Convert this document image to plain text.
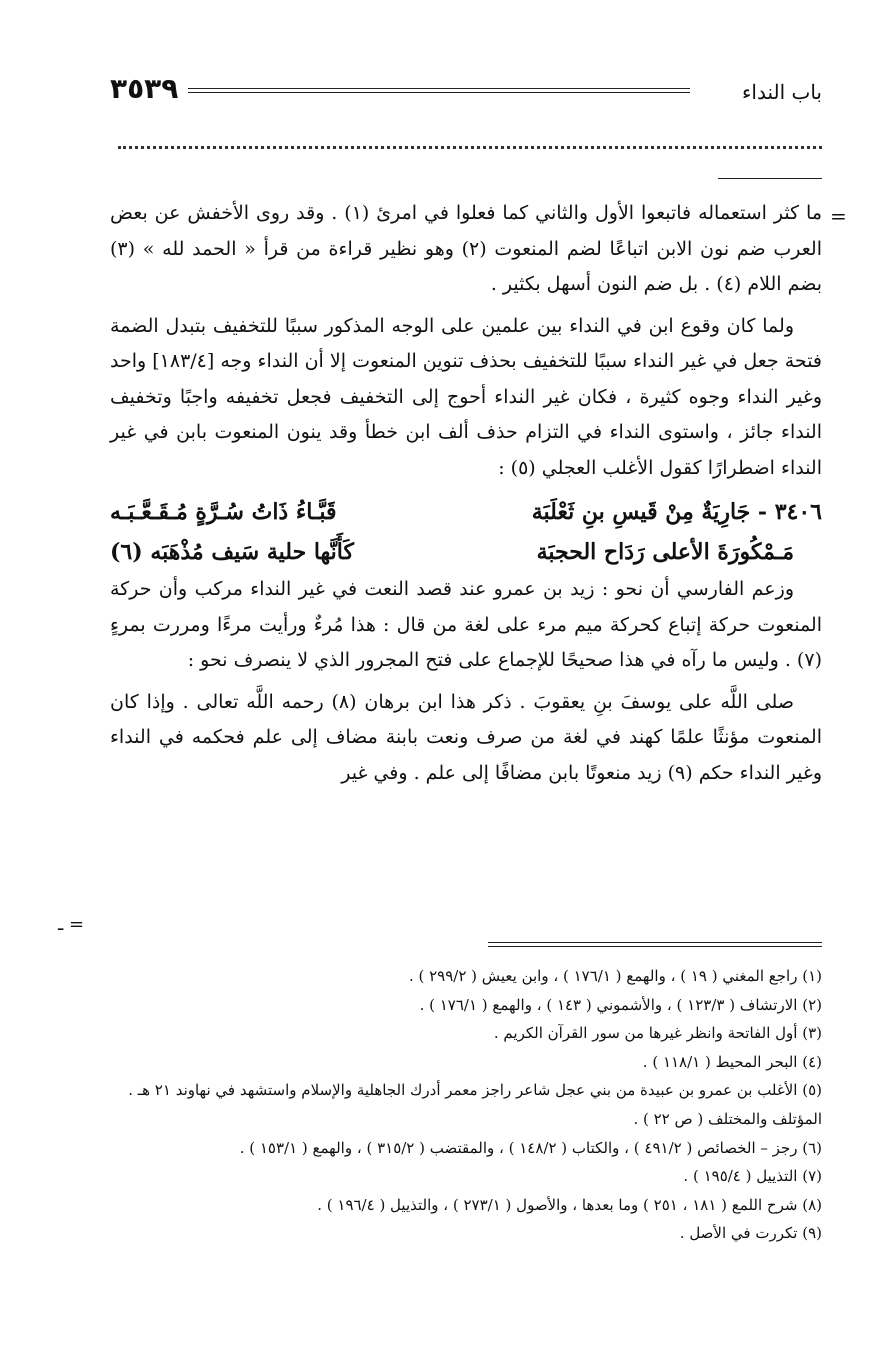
باب النداء
٣٥٣٩
=

ما كثر استعماله فاتبعوا الأول والثاني كما فعلوا في امرئ (١) . وقد روى الأخفش عن بعض العرب ضم نون الابن اتباعًا لضم المنعوت (٢) وهو نظير قراءة من قرأ « الحمد لله » (٣) بضم اللام (٤) . بل ضم النون أسهل بكثير .

ولما كان وقوع ابن في النداء بين علمين على الوجه المذكور سببًا للتخفيف بتبدل الضمة فتحة جعل في غير النداء سببًا للتخفيف بحذف تنوين المنعوت إلا أن النداء وجه [١٨٣/٤] واحد وغير النداء وجوه كثيرة ، فكان غير النداء أحوج إلى التخفيف فجعل تخفيفه واجبًا وتخفيف النداء جائز ، واستوى النداء في التزام حذف ألف ابن خطأ وقد ينون المنعوت بابن في غير النداء اضطرارًا كقول الأغلب العجلي (٥) :

٣٤٠٦ - جَارِيَةٌ مِنْ قَيسِ بنِ ثَعْلَبَة
قَبَّـاءُ ذَاتُ سُـرَّةٍ مُـقَـعَّـبَـه
مَـمْكُورَةَ الأعلى رَدَاح الحجبَة
كَأَنَّها حلية سَيف مُذْهَبَه (٦)

وزعم الفارسي أن نحو : زيد بن عمرو عند قصد النعت في غير النداء مركب وأن حركة المنعوت حركة إتباع كحركة ميم مرء على لغة من قال : هذا مُرءٌ ورأيت مرءًا ومررت بمرءٍ (٧) . وليس ما رآه في هذا صحيحًا للإجماع على فتح المجرور الذي لا ينصرف نحو :

صلى اللَّه على يوسفَ بنِ يعقوبَ . ذكر هذا ابن برهان (٨) رحمه اللَّه تعالى . وإذا كان المنعوت مؤنثًا علمًا كهند في لغة من صرف ونعت بابنة مضاف إلى علم فحكمه في النداء وغير النداء حكم (٩) زيد منعوتًا بابن مضافًا إلى علم . وفي غير

= ـ
(١) راجع المغني ( ١٩ ) ، والهمع ( ١٧٦/١ ) ، وابن يعيش ( ٢٩٩/٢ ) .
(٢) الارتشاف ( ١٢٣/٣ ) ، والأشموني ( ١٤٣ ) ، والهمع ( ١٧٦/١ ) .
(٣) أول الفاتحة وانظر غيرها من سور القرآن الكريم .
(٤) البحر المحيط ( ١١٨/١ ) .
(٥) الأغلب بن عمرو بن عبيدة من بني عجل شاعر راجز معمر أدرك الجاهلية والإسلام واستشهد في نهاوند ٢١ هـ . المؤتلف والمختلف ( ص ٢٢ ) .
(٦) رجز – الخصائص ( ٤٩١/٢ ) ، والكتاب ( ١٤٨/٢ ) ، والمقتضب ( ٣١٥/٢ ) ، والهمع ( ١٥٣/١ ) .
(٧) التذييل ( ١٩٥/٤ ) .
(٨) شرح اللمع ( ١٨١ ، ٢٥١ ) وما بعدها ، والأصول ( ٢٧٣/١ ) ، والتذييل ( ١٩٦/٤ ) .
(٩) تكررت في الأصل .
